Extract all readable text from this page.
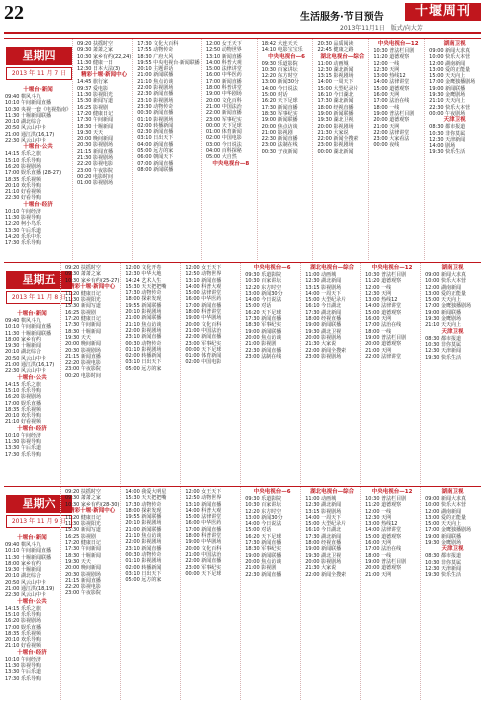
22	生活服务·节目预告	十堰周刊
2013年11月1日　版式/向大芳
星期四
2013 年 11 月 7 日
十堰台·新闻
09:40 棋风斗九
10:10 午间新闻直播
10:30 央视一套《电视指南》
11:30 十堰新闻联播
20:10 湖北综合
20:50 风云山中卡
21:00 通江洪(16,17)
22:30 风云山中卡
十堰台·公共
14:15 乐乐之旅
15:10 乐乐导购
16:20 影视剧场
17:00 娱乐直播 (28-27)
18:35 乐乐视频
20:10 欢乐导购
21:10 好看视频
22:30 好看导购
十堰台·经济
10:10 午间经济
11:30 影视导购
12:20 柯小鸟乐
13:30 午后乐道
14:20 乐乐中乐
17:30 乐乐导购
09:20 扶摇时空
09:30 萧萧之家
10:30 家乡有约(22,24)
11:30 健康一日
12:30 日本大法(3)
精彩十堰·新闻中心
14:45 旅行家
09:37 爱电影
11:30 影视阳光
15:30 新闻写道
16:25 影视剧
17:20 健康日记
17:30 午间新闻
18:30 十堰新闻
19:30 天天
20:00 晚间新闻
20:30 影视剧场
21:15 新闻直播
21:30 影视剧场
22:20 影视电影
23:00 午夜影院
00:20 电影时间
01:00 影视剧场
17:30 文化大百科
17:55 动物传奇
18:30 广府大风
19:55 中央电视台·新闻联播
20:10 主题讲话
21:00 新闻联播
21:10 焦点访谈
22:00 影视剧场
22:30 新闻直播
23:10 影视剧场
23:30 动物传奇
00:30 新闻直播
01:10 影视剧场
02:00 转播新闻
02:30 新闻直播
03:10 日出天下
04:00 新闻直播
05:00 远方的家
06:00 朝闻天下
07:00 新闻直播
08:00 新闻联播
12:00 女王天下
12:50 动物世界
13:10 新闻直播
14:00 科普大观
15:00 法律讲堂
16:00 中华医药
17:00 新闻直播
18:00 科普讲堂
19:00 中华剧场
20:00 文化百科
21:00 中国法治
22:00 新闻直播
23:00 军事纪实
00:00 天下足球
01:00 体育新闻
02:00 中国电影
03:00 今日说法
04:00 百科探秘
05:00 大自然
中央电视台—8
18:42 大连天天
14:10 电影宝宝乐
中央电视台—6
09:30 乐道影院
10:30 百家讲坛
12:20 东方时空
13:00 新闻30分
14:00 今日说法
15:00 对话
16:20 天下足球
17:30 新闻直播
18:30 军事纪实
19:00 新闻联播
20:00 焦点访谈
21:00 影视剧
22:30 新闻直播
23:00 法制在线
00:30 子夜新闻
20:30 品质阅读
22:45 健康之路
湖北电视台—综合
11:00 动画城
12:30 湖北新闻
13:15 影视剧场
14:00 一周天下
15:00 大型纪录片
16:10 今日湖北
17:30 湖北新闻
18:00 经视直播
19:00 新闻联播
19:30 湖北卫视
20:00 影视剧场
21:30 大家说
22:00 新闻全搜索
23:00 影视剧场
00:00 湖北新闻
中央电视台—12
10:30 普法栏目剧
11:20 道德观察
12:00 一线
12:30 天网
13:00 热线12
14:00 法律讲堂
15:00 道德观察
16:00 天网
17:00 法治在线
18:00 一线
19:00 普法栏目剧
20:00 道德观察
21:00 天网
22:00 法律讲堂
23:00 大家看法
00:00 夜线
湖南卫视
09:00 新闻大求真
10:00 快乐大本营
12:00 湖南新闻
13:00 爱的正能量
15:00 天天向上
17:00 金鹰独播剧场
19:00 新闻联播
19:30 金鹰剧场
21:10 天天向上
22:30 快乐大本营
00:00 午夜剧场
天津卫视
08:30 都市报道
10:30 非你莫属
12:30 天津新闻
14:00 剧场
19:30 快乐生活
星期五
2013 年 11 月 8 日
十堰台·新闻
09:40 棋风斗九
10:10 午间新闻直播
11:30 十堰新闻联播
18:00 家乡有约
19:30 十堰新闻
20:10 湖北综合
20:50 风云山中卡
21:00 通江洪(16,17)
22:30 风云山中卡
十堰台·公共
14:15 乐乐之旅
15:10 乐乐导购
16:20 影视剧场
17:00 娱乐直播
18:35 乐乐视频
20:10 欢乐导购
21:10 好看视频
十堰台·经济
10:10 午间经济
11:30 影视导购
13:30 午后乐道
17:30 乐乐导购
09:20 扶摇时空
09:30 萧萧之家
10:30 家乡有约(25-27)
精彩十堰·新闻中心
11:20 健康日记
11:30 影视阳光
15:30 新闻写道
16:25 影视剧
17:20 健康日记
17:30 午间新闻
18:30 十堰新闻
19:30 天天
20:00 晚间新闻
20:30 影视剧场
21:15 新闻直播
22:20 影视电影
23:00 午夜影院
00:20 电影时间
12:00 文化开卷
12:30 中华大地
14:24 艺术人生
15:30 天天把把嘴
17:30 动物传奇
18:00 探索发现
19:55 新闻联播
20:10 影视剧场
21:00 新闻联播
21:10 焦点访谈
22:00 影视剧场
23:10 新闻直播
00:30 动物传奇
01:10 影视剧场
02:00 转播新闻
03:10 日出天下
05:00 远方的家
12:00 女王天下
12:50 动物世界
13:10 新闻直播
14:00 科普大观
15:00 法律讲堂
16:00 中华医药
17:00 新闻直播
18:00 科普讲堂
19:00 中华剧场
20:00 文化百科
21:00 中国法治
22:00 新闻直播
23:00 军事纪实
00:00 天下足球
01:00 体育新闻
02:00 中国电影
中央电视台—6
09:30 乐道影院
10:30 百家讲坛
12:20 东方时空
13:00 新闻30分
14:00 今日说法
15:00 对话
16:20 天下足球
17:30 新闻直播
18:30 军事纪实
19:00 新闻联播
20:00 焦点访谈
21:00 影视剧
22:30 新闻直播
23:00 法制在线
湖北电视台—综合
11:00 动画城
12:30 湖北新闻
13:15 影视剧场
14:00 一周天下
15:00 大型纪录片
16:10 今日湖北
17:30 湖北新闻
18:00 经视直播
19:00 新闻联播
19:30 湖北卫视
20:00 影视剧场
21:30 大家说
22:00 新闻全搜索
23:00 影视剧场
中央电视台—12
10:30 普法栏目剧
11:20 道德观察
12:00 一线
12:30 天网
13:00 热线12
14:00 法律讲堂
15:00 道德观察
16:00 天网
17:00 法治在线
18:00 一线
19:00 普法栏目剧
20:00 道德观察
21:00 天网
22:00 法律讲堂
湖南卫视
09:00 新闻大求真
10:00 快乐大本营
12:00 湖南新闻
13:00 爱的正能量
15:00 天天向上
17:00 金鹰独播剧场
19:00 新闻联播
19:30 金鹰剧场
21:10 天天向上
天津卫视
08:30 都市报道
10:30 非你莫属
12:30 天津新闻
19:30 快乐生活
星期六
2013 年 11 月 9 日
十堰台·新闻
09:40 棋风斗九
10:10 午间新闻直播
11:30 十堰新闻联播
18:00 家乡有约
19:30 十堰新闻
20:10 湖北综合
20:50 风云山中卡
21:00 通江洪(18,19)
22:30 风云山中卡
十堰台·公共
14:15 乐乐之旅
15:10 乐乐导购
16:20 影视剧场
17:00 娱乐直播
18:35 乐乐视频
20:10 欢乐导购
21:10 好看视频
十堰台·经济
10:10 午间经济
11:30 影视导购
13:30 午后乐道
17:30 乐乐导购
09:20 扶摇时空
09:30 萧萧之家
10:30 家乡有约(28-30)
精彩十堰·新闻中心
11:20 健康日记
11:30 影视阳光
15:30 新闻写道
16:25 影视剧
17:20 健康日记
17:30 午间新闻
18:30 十堰新闻
19:30 天天
20:00 晚间新闻
20:30 影视剧场
21:15 新闻直播
22:20 影视电影
23:00 午夜影院
14:00 我爱大明星
15:30 天天把把嘴
17:30 动物传奇
18:00 探索发现
19:55 新闻联播
20:10 影视剧场
21:00 新闻联播
21:10 焦点访谈
22:00 影视剧场
23:10 新闻直播
00:30 动物传奇
01:10 影视剧场
02:00 转播新闻
03:10 日出天下
05:00 远方的家
12:00 女王天下
12:50 动物世界
13:10 新闻直播
14:00 科普大观
15:00 法律讲堂
16:00 中华医药
17:00 新闻直播
18:00 科普讲堂
19:00 中华剧场
20:00 文化百科
21:00 中国法治
22:00 新闻直播
23:00 军事纪实
00:00 天下足球
中央电视台—6
09:30 乐道影院
10:30 百家讲坛
12:20 东方时空
13:00 新闻30分
14:00 今日说法
15:00 对话
16:20 天下足球
17:30 新闻直播
18:30 军事纪实
19:00 新闻联播
20:00 焦点访谈
21:00 影视剧
22:30 新闻直播
湖北电视台—综合
11:00 动画城
12:30 湖北新闻
13:15 影视剧场
14:00 一周天下
15:00 大型纪录片
16:10 今日湖北
17:30 湖北新闻
18:00 经视直播
19:00 新闻联播
19:30 湖北卫视
20:00 影视剧场
21:30 大家说
22:00 新闻全搜索
中央电视台—12
10:30 普法栏目剧
11:20 道德观察
12:00 一线
12:30 天网
13:00 热线12
14:00 法律讲堂
15:00 道德观察
16:00 天网
17:00 法治在线
18:00 一线
19:00 普法栏目剧
20:00 道德观察
21:00 天网
湖南卫视
09:00 新闻大求真
10:00 快乐大本营
12:00 湖南新闻
13:00 爱的正能量
15:00 天天向上
17:00 金鹰独播剧场
19:00 新闻联播
19:30 金鹰剧场
天津卫视
08:30 都市报道
10:30 非你莫属
12:30 天津新闻
19:30 快乐生活
